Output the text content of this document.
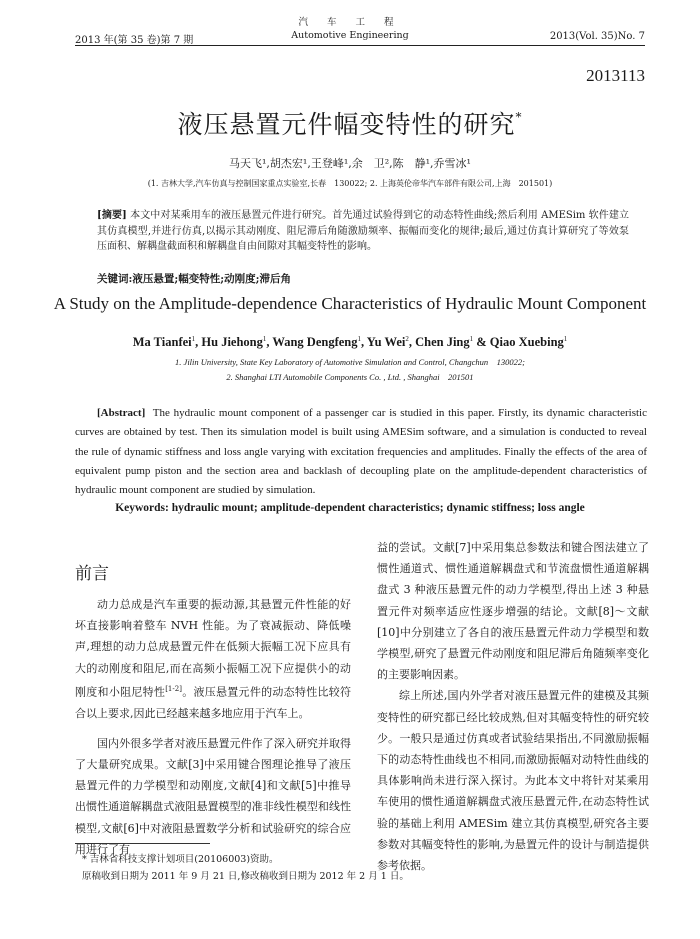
汽 车 工 程
Automotive Engineering
2013 年(第 35 卷)第 7 期	2013(Vol. 35)No. 7
2013113
液压悬置元件幅变特性的研究*
马天飞¹,胡杰宏¹,王登峰¹,余　卫²,陈　静¹,乔雪冰¹
(1. 吉林大学,汽车仿真与控制国家重点实验室,长春　130022; 2. 上海英伦帝华汽车部件有限公司,上海　201501)
[摘要] 本文中对某乘用车的液压悬置元件进行研究。首先通过试验得到它的动态特性曲线;然后利用 AMESim 软件建立其仿真模型,并进行仿真,以揭示其动刚度、阻尼滞后角随激励频率、振幅而变化的规律;最后,通过仿真计算研究了等效泵压面积、解耦盘截面积和解耦盘自由间隙对其幅变特性的影响。
关键词:液压悬置;幅变特性;动刚度;滞后角
A Study on the Amplitude-dependence Characteristics of Hydraulic Mount Component
Ma Tianfei$^1$, Hu Jiehong$^1$, Wang Dengfeng$^1$, Yu Wei$^2$, Chen Jing$^1$ & Qiao Xuebing$^1$
1. Jilin University, State Key Laboratory of Automotive Simulation and Control, Changchun　130022;
2. Shanghai LTI Automobile Components Co. , Ltd. , Shanghai　201501
[Abstract] The hydraulic mount component of a passenger car is studied in this paper. Firstly, its dynamic characteristic curves are obtained by test. Then its simulation model is built using AMESim software, and a simulation is conducted to reveal the rule of dynamic stiffness and loss angle varying with excitation frequencies and amplitudes. Finally the effects of the area of equivalent pump piston and the section area and backlash of decoupling plate on the amplitude-dependent characteristics of hydraulic mount component are studied by simulation.
Keywords: hydraulic mount; amplitude-dependent characteristics; dynamic stiffness; loss angle
前言

动力总成是汽车重要的振动源,其悬置元件性能的好坏直接影响着整车 NVH 性能。为了衰减振动、降低噪声,理想的动力总成悬置元件在低频大振幅工况下应具有大的动刚度和阻尼,而在高频小振幅工况下应提供小的动刚度和小阻尼特性[1-2]。液压悬置元件的动态特性比较符合以上要求,因此已经越来越多地应用于汽车上。

国内外很多学者对液压悬置元件作了深入研究并取得了大量研究成果。文献[3]中采用键合图理论推导了液压悬置元件的力学模型和动刚度,文献[4]和文献[5]中推导出惯性通道解耦盘式液阻悬置模型的准非线性模型和线性模型,文献[6]中对液阻悬置数学分析和试验研究的综合应用进行了有

益的尝试。文献[7]中采用集总参数法和键合图法建立了惯性通道式、惯性通道解耦盘式和节流盘惯性通道解耦盘式 3 种液压悬置元件的动力学模型,得出上述 3 种悬置元件对频率适应性逐步增强的结论。文献[8]～文献[10]中分别建立了各自的液压悬置元件动力学模型和数学模型,研究了悬置元件动刚度和阻尼滞后角随频率变化的主要影响因素。

综上所述,国内外学者对液压悬置元件的建模及其频变特性的研究都已经比较成熟,但对其幅变特性的研究较少。一般只是通过仿真或者试验结果指出,不同激励振幅下的动态特性曲线也不相同,而激励振幅对动特性曲线的具体影响尚未进行深入探讨。为此本文中将针对某乘用车使用的惯性通道解耦盘式液压悬置元件,在动态特性试验的基础上利用 AMESim 建立其仿真模型,研究各主要参数对其幅变特性的影响,为悬置元件的设计与制造提供参考依据。

* 吉林省科技支撑计划项目(20106003)资助。
原稿收到日期为 2011 年 9 月 21 日,修改稿收到日期为 2012 年 2 月 1 日。
